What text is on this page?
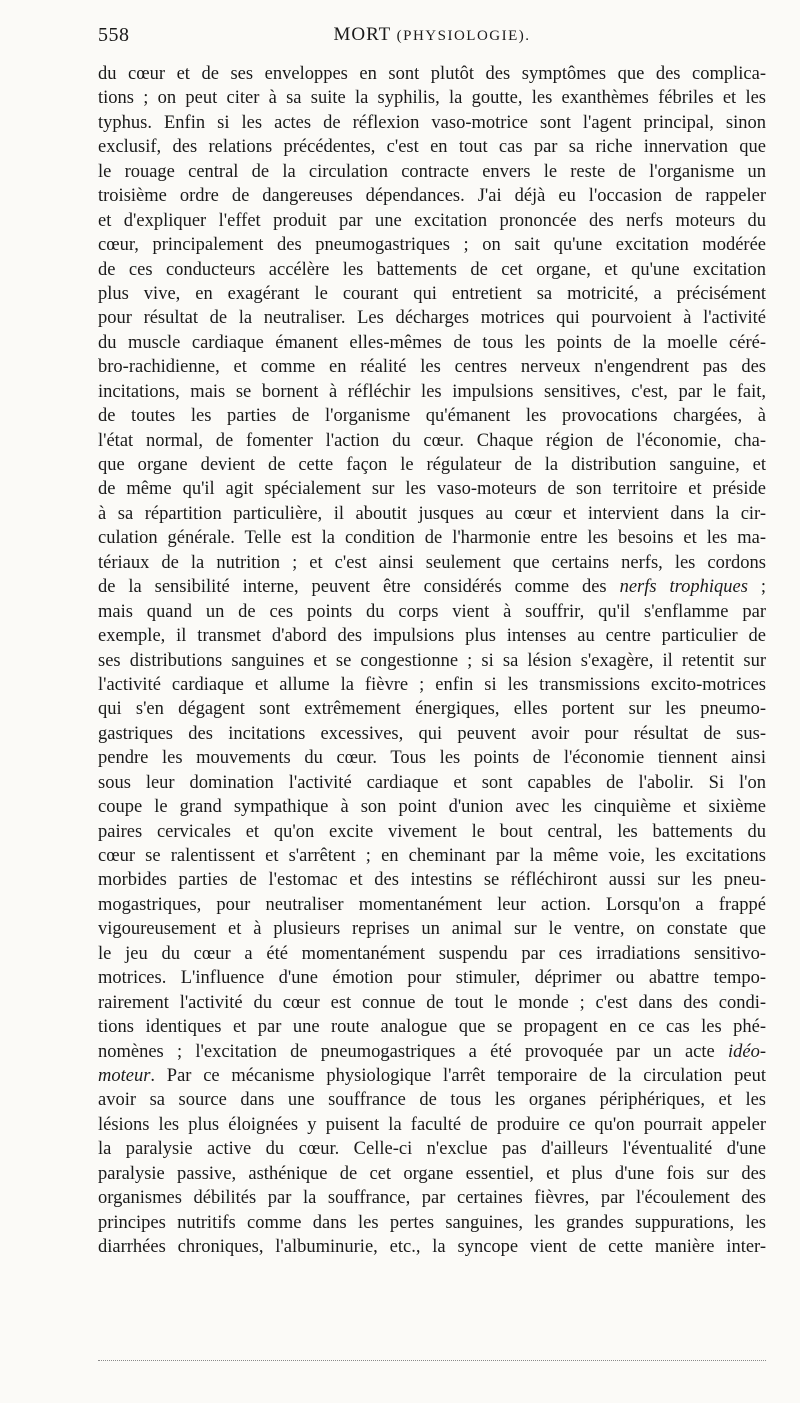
558	MORT (PHYSIOLOGIE).
du cœur et de ses enveloppes en sont plutôt des symptômes que des complica-
tions ; on peut citer à sa suite la syphilis, la goutte, les exanthèmes fébriles et les
typhus. Enfin si les actes de réflexion vaso-motrice sont l'agent principal, sinon
exclusif, des relations précédentes, c'est en tout cas par sa riche innervation que
le rouage central de la circulation contracte envers le reste de l'organisme un
troisième ordre de dangereuses dépendances. J'ai déjà eu l'occasion de rappeler
et d'expliquer l'effet produit par une excitation prononcée des nerfs moteurs du
cœur, principalement des pneumogastriques ; on sait qu'une excitation modérée
de ces conducteurs accélère les battements de cet organe, et qu'une excitation
plus vive, en exagérant le courant qui entretient sa motricité, a précisément
pour résultat de la neutraliser. Les décharges motrices qui pourvoient à l'activité
du muscle cardiaque émanent elles-mêmes de tous les points de la moelle céré-
bro-rachidienne, et comme en réalité les centres nerveux n'engendrent pas des
incitations, mais se bornent à réfléchir les impulsions sensitives, c'est, par le fait,
de toutes les parties de l'organisme qu'émanent les provocations chargées, à
l'état normal, de fomenter l'action du cœur. Chaque région de l'économie, cha-
que organe devient de cette façon le régulateur de la distribution sanguine, et
de même qu'il agit spécialement sur les vaso-moteurs de son territoire et préside
à sa répartition particulière, il aboutit jusques au cœur et intervient dans la cir-
culation générale. Telle est la condition de l'harmonie entre les besoins et les ma-
tériaux de la nutrition ; et c'est ainsi seulement que certains nerfs, les cordons
de la sensibilité interne, peuvent être considérés comme des nerfs trophiques ;
mais quand un de ces points du corps vient à souffrir, qu'il s'enflamme par
exemple, il transmet d'abord des impulsions plus intenses au centre particulier de
ses distributions sanguines et se congestionne ; si sa lésion s'exagère, il retentit sur
l'activité cardiaque et allume la fièvre ; enfin si les transmissions excito-motrices
qui s'en dégagent sont extrêmement énergiques, elles portent sur les pneumo-
gastriques des incitations excessives, qui peuvent avoir pour résultat de sus-
pendre les mouvements du cœur. Tous les points de l'économie tiennent ainsi
sous leur domination l'activité cardiaque et sont capables de l'abolir. Si l'on
coupe le grand sympathique à son point d'union avec les cinquième et sixième
paires cervicales et qu'on excite vivement le bout central, les battements du
cœur se ralentissent et s'arrêtent ; en cheminant par la même voie, les excitations
morbides parties de l'estomac et des intestins se réfléchiront aussi sur les pneu-
mogastriques, pour neutraliser momentanément leur action. Lorsqu'on a frappé
vigoureusement et à plusieurs reprises un animal sur le ventre, on constate que
le jeu du cœur a été momentanément suspendu par ces irradiations sensitivo-
motrices. L'influence d'une émotion pour stimuler, déprimer ou abattre tempo-
rairement l'activité du cœur est connue de tout le monde ; c'est dans des condi-
tions identiques et par une route analogue que se propagent en ce cas les phé-
nomènes ; l'excitation de pneumogastriques a été provoquée par un acte idéo-
moteur. Par ce mécanisme physiologique l'arrêt temporaire de la circulation peut
avoir sa source dans une souffrance de tous les organes périphériques, et les
lésions les plus éloignées y puisent la faculté de produire ce qu'on pourrait appeler
la paralysie active du cœur. Celle-ci n'exclue pas d'ailleurs l'éventualité d'une
paralysie passive, asthénique de cet organe essentiel, et plus d'une fois sur des
organismes débilités par la souffrance, par certaines fièvres, par l'écoulement des
principes nutritifs comme dans les pertes sanguines, les grandes suppurations, les
diarrhées chroniques, l'albuminurie, etc., la syncope vient de cette manière inter-
